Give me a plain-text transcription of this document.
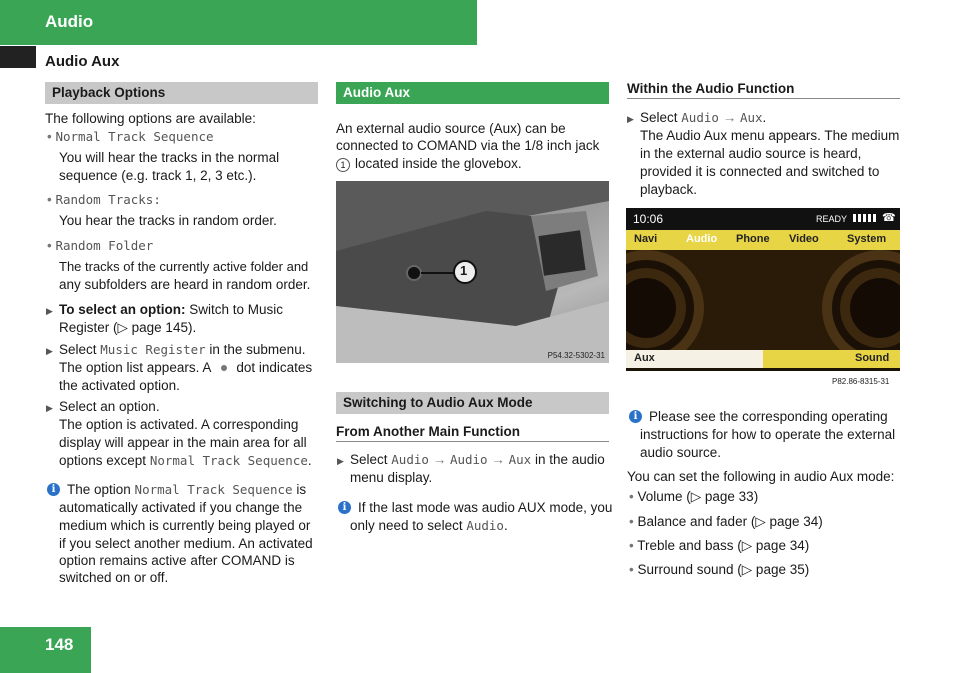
Audio
Audio Aux
Playback Options
The following options are available:
• Normal Track Sequence
You will hear the tracks in the normal
sequence (e.g. track 1, 2, 3 etc.).
• Random Tracks:
You hear the tracks in random order.
• Random Folder
The tracks of the currently active folder and
any subfolders are heard in random order.
▶ To select an option: Switch to Music
Register (▷ page 145).
▶ Select Music Register in the submenu.
The option list appears. A dot indicates
the activated option.
▶ Select an option.
The option is activated. A corresponding
display will appear in the main area for all
options except Normal Track Sequence.
i The option Normal Track Sequence is
automatically activated if you change the
medium which is currently being played or
if you select another medium. An activated
option remains active after COMAND is
switched on or off.
Audio Aux
An external audio source (Aux) can be
connected to COMAND via the 1/8 inch jack
1 located inside the glovebox.
1
P54.32-5302-31
Switching to Audio Aux Mode
From Another Main Function
▶ Select Audio → Audio → Aux in the audio
menu display.
i If the last mode was audio AUX mode, you
only need to select Audio.
Within the Audio Function
▶ Select Audio → Aux.
The Audio Aux menu appears. The medium
in the external audio source is heard,
provided it is connected and switched to
playback.
10:06	READY	☎
Navi	Audio Phone Video	System
Aux	Sound
P82.86-8315-31
i Please see the corresponding operating
instructions for how to operate the external
audio source.
You can set the following in audio Aux mode:
• Volume (▷ page 33)
• Balance and fader (▷ page 34)
• Treble and bass (▷ page 34)
• Surround sound (▷ page 35)
148
